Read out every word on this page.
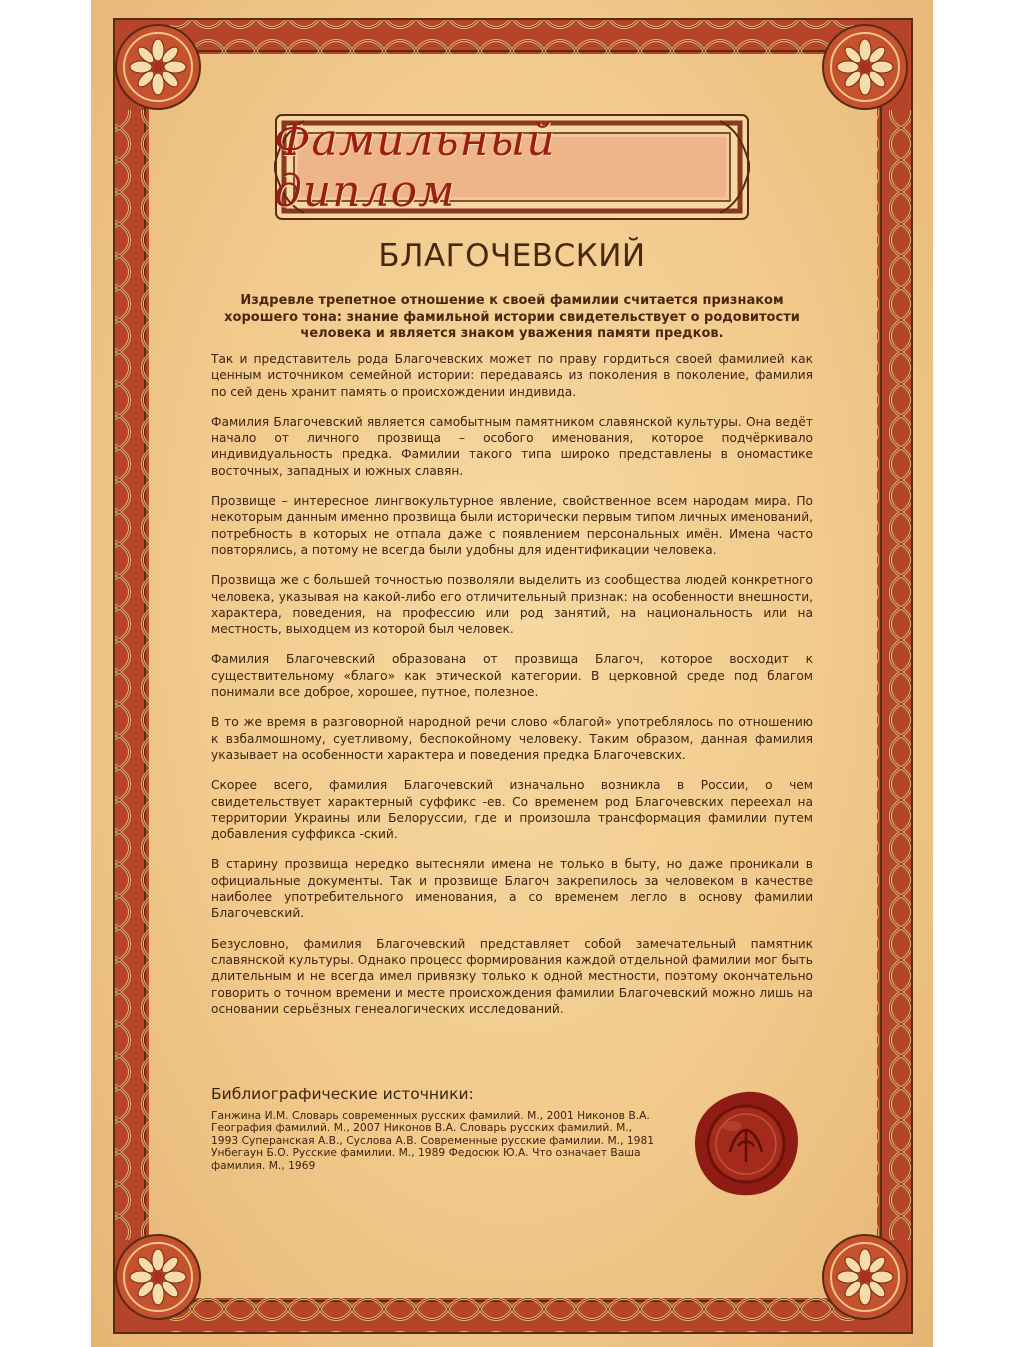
Фамильный диплом
БЛАГОЧЕВСКИЙ
Издревле трепетное отношение к своей фамилии считается признаком хорошего тона: знание фамильной истории свидетельствует о родовитости человека и является знаком уважения памяти предков.

Так и представитель рода Благочевских может по праву гордиться своей фамилией как ценным источником семейной истории: передаваясь из поколения в поколение, фамилия по сей день хранит память о происхождении индивида.

Фамилия Благочевский является самобытным памятником славянской культуры. Она ведёт начало от личного прозвища – особого именования, которое подчёркивало индивидуальность предка. Фамилии такого типа широко представлены в ономастике восточных, западных и южных славян.

Прозвище – интересное лингвокультурное явление, свойственное всем народам мира. По некоторым данным именно прозвища были исторически первым типом личных именований, потребность в которых не отпала даже с появлением персональных имён. Имена часто повторялись, а потому не всегда были удобны для идентификации человека.

Прозвища же с большей точностью позволяли выделить из сообщества людей конкретного человека, указывая на какой-либо его отличительный признак: на особенности внешности, характера, поведения, на профессию или род занятий, на национальность или на местность, выходцем из которой был человек.

Фамилия Благочевский образована от прозвища Благоч, которое восходит к существительному «благо» как этической категории. В церковной среде под благом понимали все доброе, хорошее, путное, полезное.

В то же время в разговорной народной речи слово «благой» употреблялось по отношению к взбалмошному, суетливому, беспокойному человеку. Таким образом, данная фамилия указывает на особенности характера и поведения предка Благочевских.

Скорее всего, фамилия Благочевский изначально возникла в России, о чем свидетельствует характерный суффикс -ев. Со временем род Благочевских переехал на территории Украины или Белоруссии, где и произошла трансформация фамилии путем добавления суффикса -ский.

В старину прозвища нередко вытесняли имена не только в быту, но даже проникали в официальные документы. Так и прозвище Благоч закрепилось за человеком в качестве наиболее употребительного именования, а со временем легло в основу фамилии Благочевский.

Безусловно, фамилия Благочевский представляет собой замечательный памятник славянской культуры. Однако процесс формирования каждой отдельной фамилии мог быть длительным и не всегда имел привязку только к одной местности, поэтому окончательно говорить о точном времени и месте происхождения фамилии Благочевский можно лишь на основании серьёзных генеалогических исследований.

Библиографические источники:
Ганжина И.М. Словарь современных русских фамилий. М., 2001 Никонов В.А. География фамилий. М., 2007 Никонов В.А. Словарь русских фамилий. М., 1993 Суперанская А.В., Суслова А.В. Современные русские фамилии. М., 1981 Унбегаун Б.О. Русские фамилии. М., 1989 Федосюк Ю.А. Что означает Ваша фамилия. М., 1969
